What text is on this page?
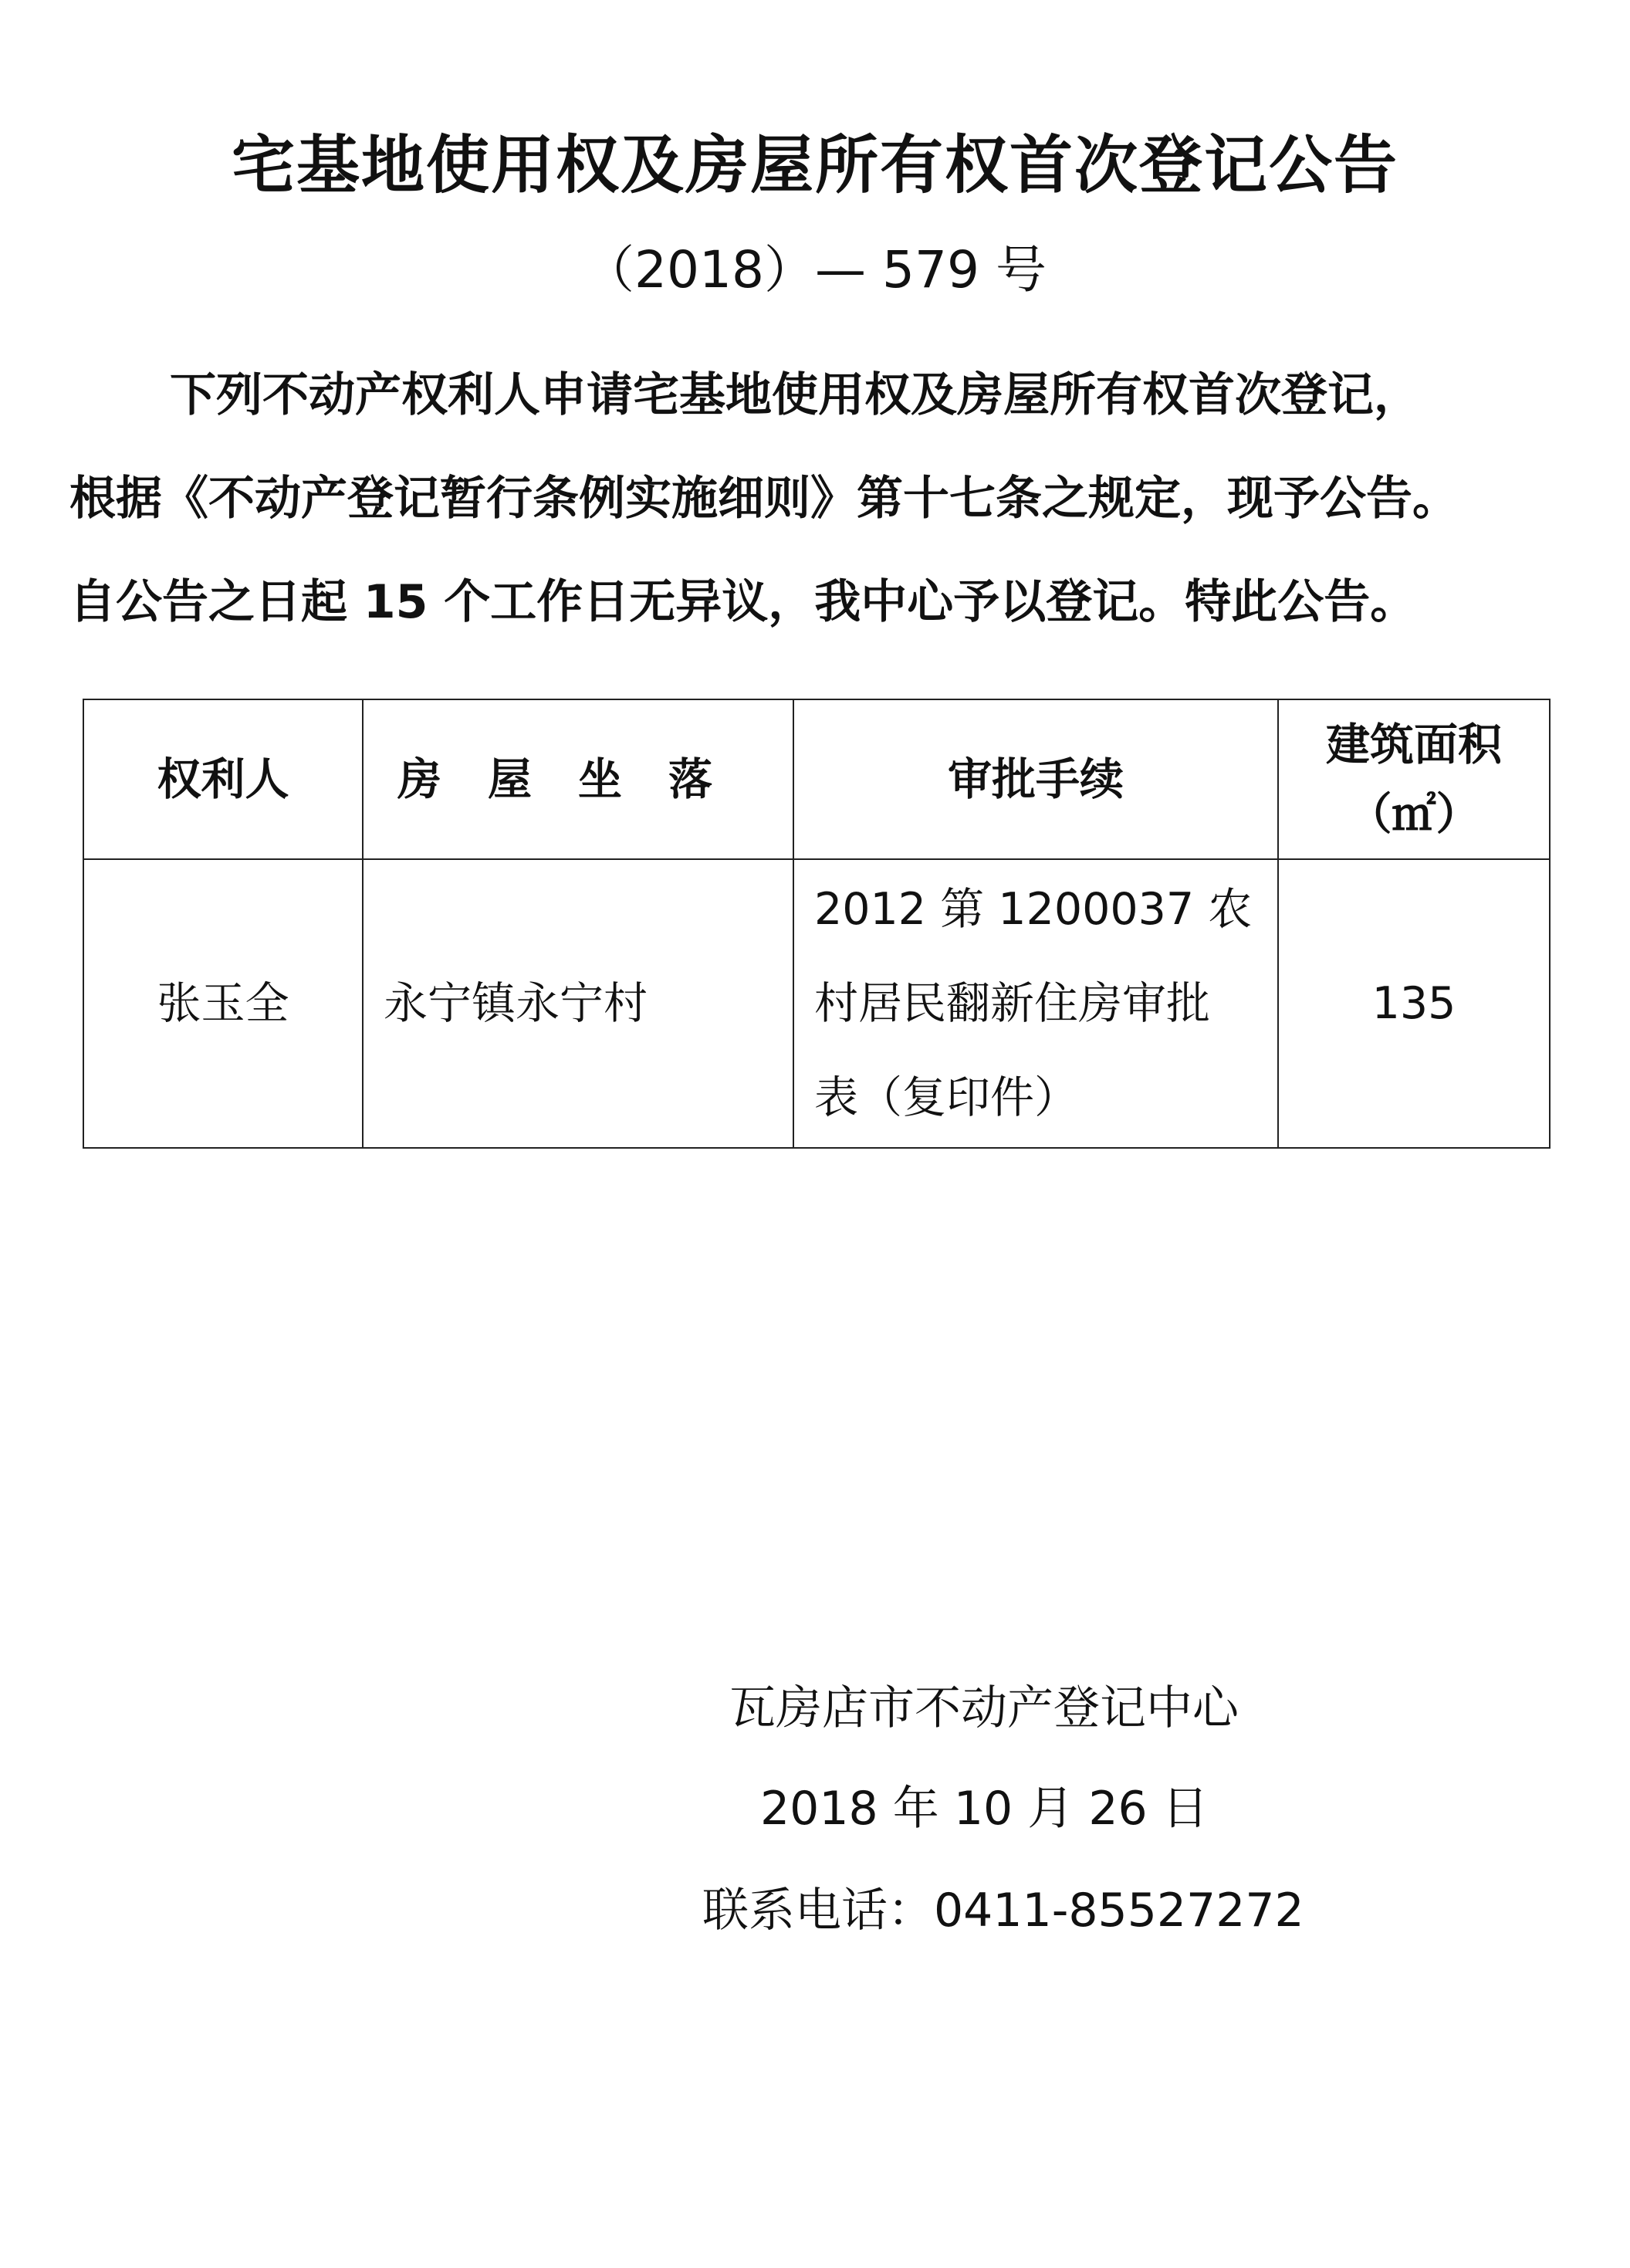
宅基地使用权及房屋所有权首次登记公告
（2018）— 579 号
下列不动产权利人申请宅基地使用权及房屋所有权首次登记，
根据《不动产登记暂行条例实施细则》第十七条之规定，现予公告。
自公告之日起 15 个工作日无异议，我中心予以登记。特此公告。
权利人	房屋坐落	审批手续	建筑面积
（㎡）

张玉全	永宁镇永宁村	2012 第 1200037 农
村居民翻新住房审批
表（复印件）	135
瓦房店市不动产登记中心
2018 年 10 月 26 日
联系电话：0411-85527272
